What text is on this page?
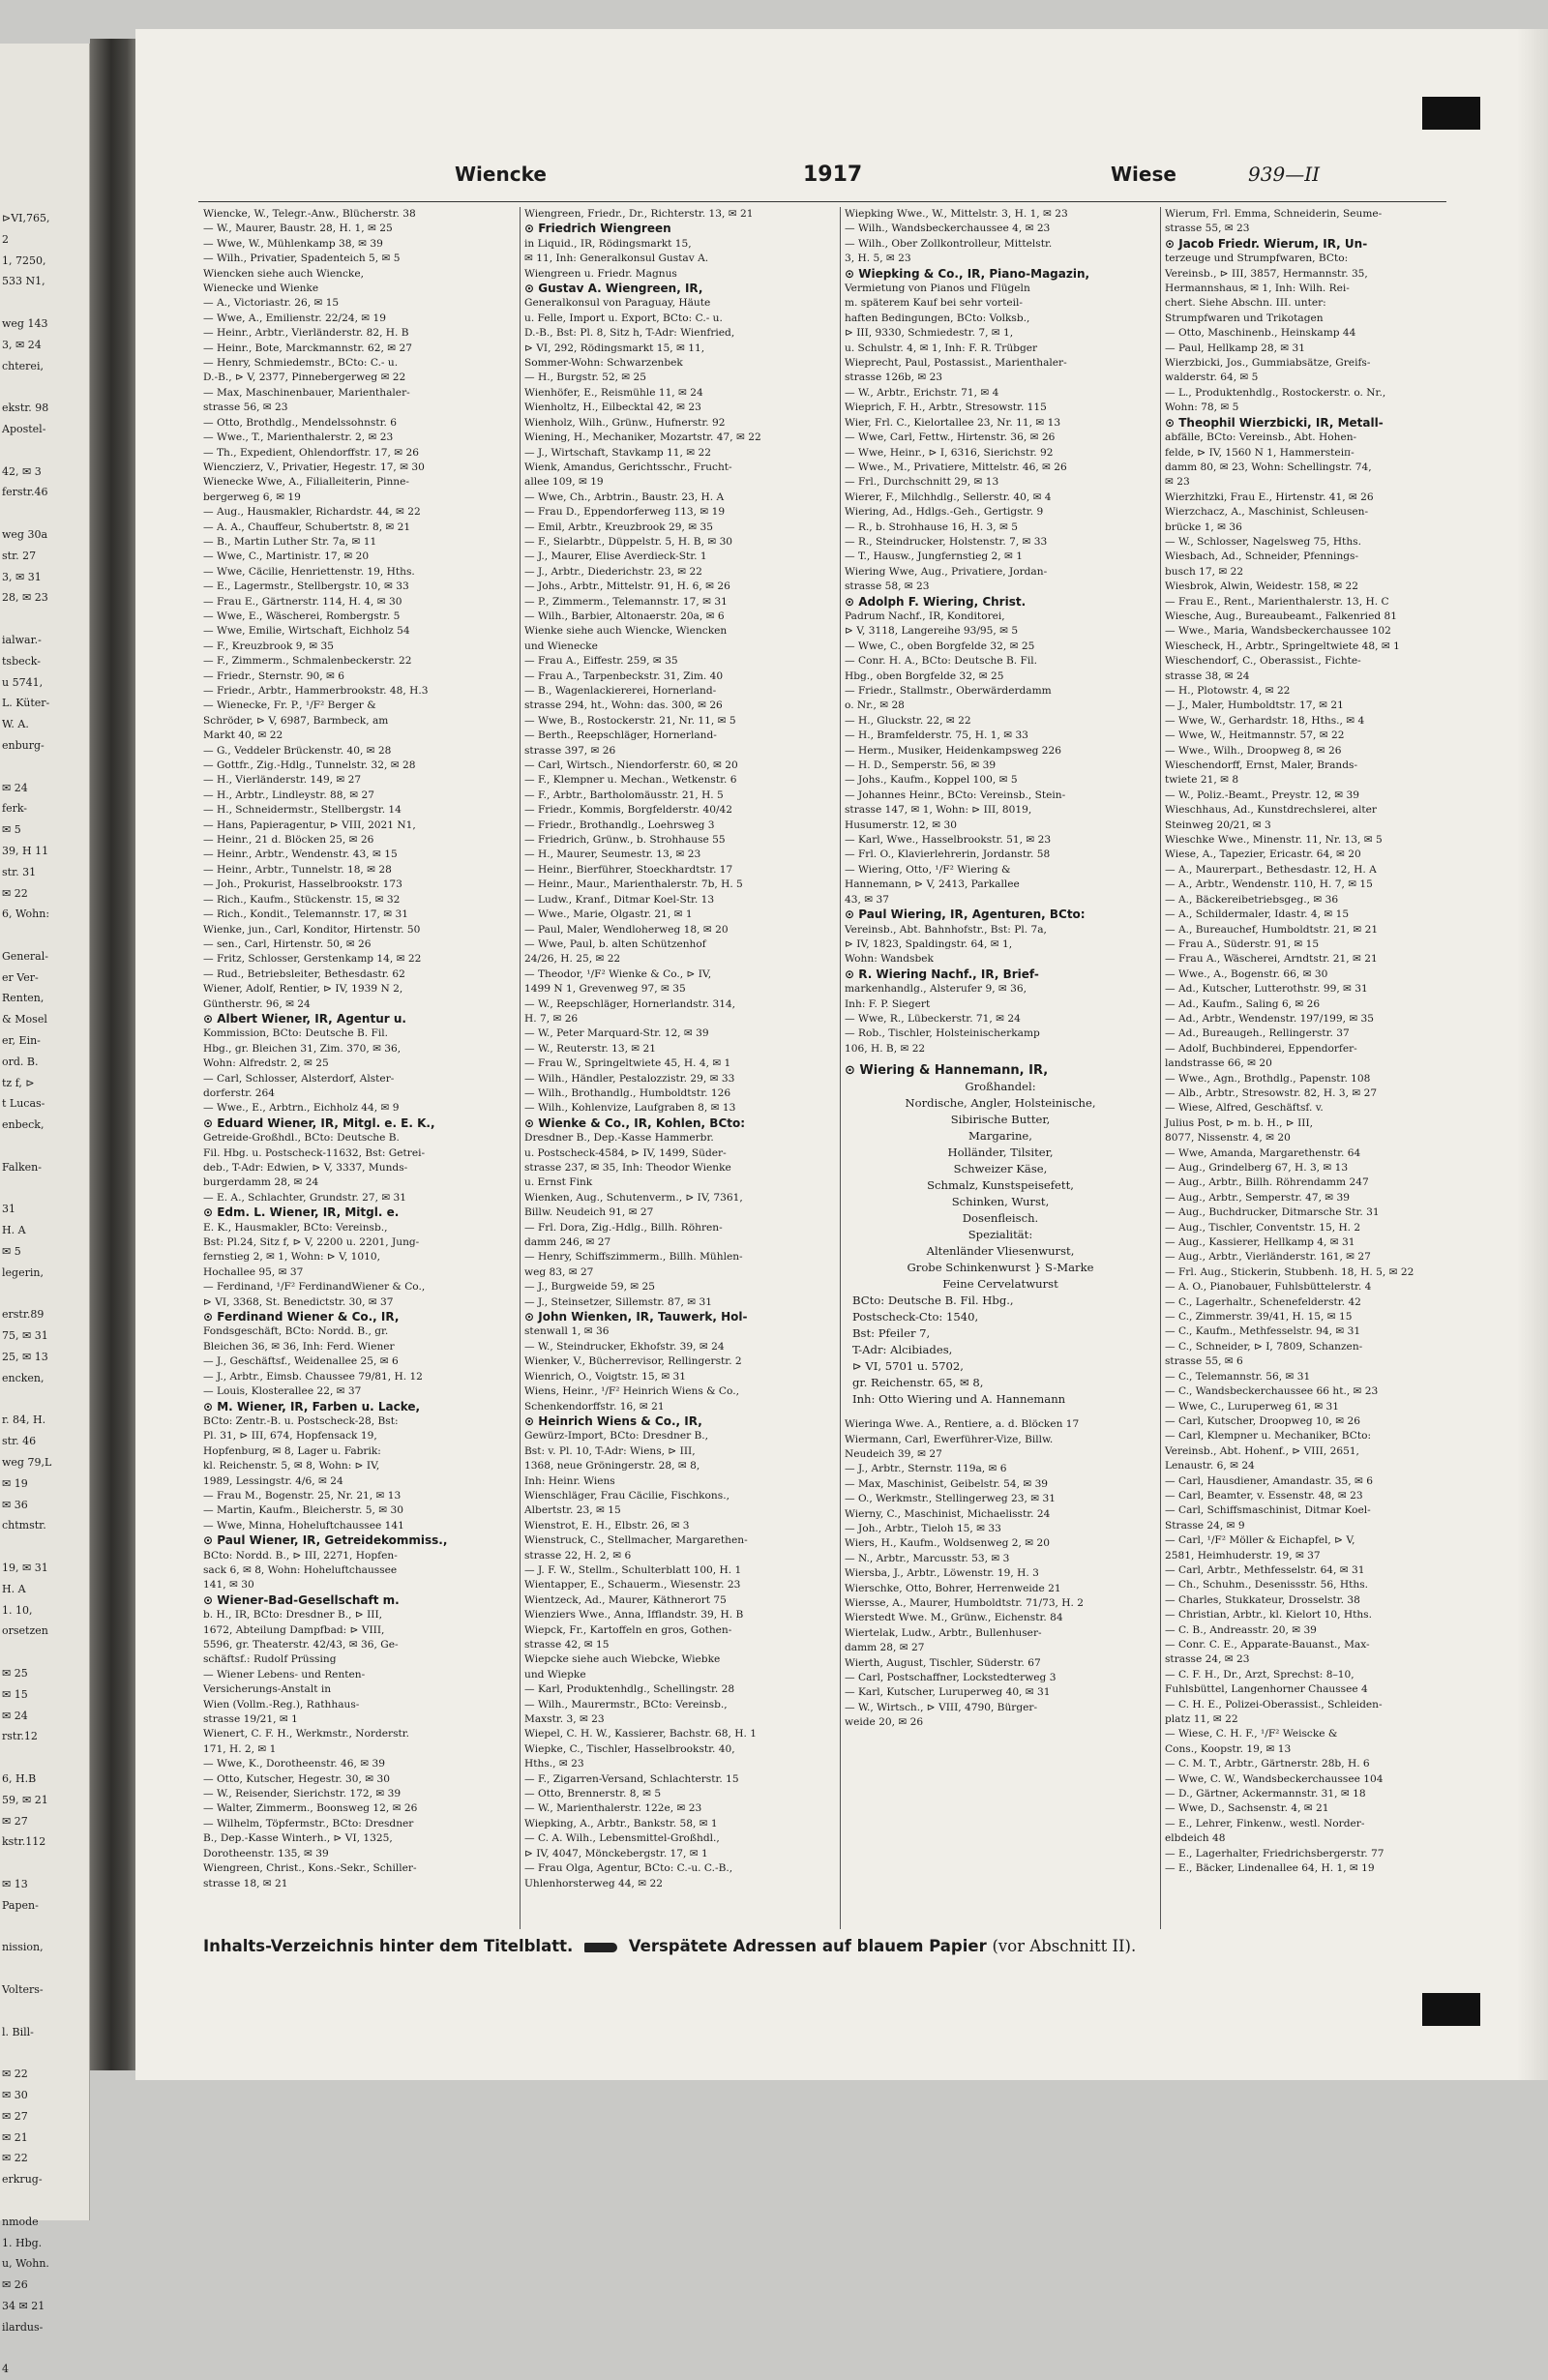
⊳VI,765,
2
1, 7250,
533 N1,

weg 143
3, ✉ 24
chterei,

ekstr. 98
Apostel-

42, ✉ 3
ferstr.46

weg 30a
str. 27
3, ✉ 31
28, ✉ 23

ialwar.-
tsbeck-
u 5741,
L. Küter-
W. A.
enburg-

✉ 24
ferk-
✉ 5
39, H 11
str. 31
✉ 22
6, Wohn:

General-
er Ver-
Renten,
& Mosel
er, Ein-
ord. B.
tz f, ⊳
t Lucas-
enbeck,

Falken-

31
H. A
✉ 5
legerin,

erstr.89
75, ✉ 31
25, ✉ 13
encken,

r. 84, H.
str. 46
weg 79,L
✉ 19
✉ 36
chtmstr.

19, ✉ 31
H. A
1. 10,
orsetzen

✉ 25
✉ 15
✉ 24
rstr.12

6, H.B
59, ✉ 21
✉ 27
kstr.112

✉ 13
Papen-

nission,

Volters-

l. Bill-

✉ 22
✉ 30
✉ 27
✉ 21
✉ 22
erkrug-

nmode
1. Hbg.
u, Wohn.
✉ 26
34 ✉ 21
ilardus-

4
Wiencke	1917	Wiese	939—II
Wiencke, W., Telegr.-Anw., Blücherstr. 38
— W., Maurer, Baustr. 28, H. 1, ✉ 25
— Wwe, W., Mühlenkamp 38, ✉ 39
— Wilh., Privatier, Spadenteich 5, ✉ 5
Wiencken siehe auch Wiencke,
Wienecke und Wienke
— A., Victoriastr. 26, ✉ 15
— Wwe, A., Emilienstr. 22/24, ✉ 19
— Heinr., Arbtr., Vierländerstr. 82, H. B
— Heinr., Bote, Marckmannstr. 62, ✉ 27
— Henry, Schmiedemstr., BCto: C.- u.
D.-B., ⊳ V, 2377, Pinnebergerweg ✉ 22
— Max, Maschinenbauer, Marienthaler-
strasse 56, ✉ 23
— Otto, Brothdlg., Mendelssohnstr. 6
— Wwe., T., Marienthalerstr. 2, ✉ 23
— Th., Expedient, Ohlendorffstr. 17, ✉ 26
Wienczierz, V., Privatier, Hegestr. 17, ✉ 30
Wienecke Wwe, A., Filialleiterin, Pinne-
bergerweg 6, ✉ 19
— Aug., Hausmakler, Richardstr. 44, ✉ 22
— A. A., Chauffeur, Schubertstr. 8, ✉ 21
— B., Martin Luther Str. 7a, ✉ 11
— Wwe, C., Martinistr. 17, ✉ 20
— Wwe, Cäcilie, Henriettenstr. 19, Hths.
— E., Lagermstr., Stellbergstr. 10, ✉ 33
— Frau E., Gärtnerstr. 114, H. 4, ✉ 30
— Wwe, E., Wäscherei, Rombergstr. 5
— Wwe, Emilie, Wirtschaft, Eichholz 54
— F., Kreuzbrook 9, ✉ 35
— F., Zimmerm., Schmalenbeckerstr. 22
— Friedr., Sternstr. 90, ✉ 6
— Friedr., Arbtr., Hammerbrookstr. 48, H.3
— Wienecke, Fr. P., ¹/F² Berger &
Schröder, ⊳ V, 6987, Barmbeck, am
Markt 40, ✉ 22
— G., Veddeler Brückenstr. 40, ✉ 28
— Gottfr., Zig.-Hdlg., Tunnelstr. 32, ✉ 28
— H., Vierländerstr. 149, ✉ 27
— H., Arbtr., Lindleystr. 88, ✉ 27
— H., Schneidermstr., Stellbergstr. 14
— Hans, Papieragentur, ⊳ VIII, 2021 N1,
— Heinr., 21 d. Blöcken 25, ✉ 26
— Heinr., Arbtr., Wendenstr. 43, ✉ 15
— Heinr., Arbtr., Tunnelstr. 18, ✉ 28
— Joh., Prokurist, Hasselbrookstr. 173
— Rich., Kaufm., Stückenstr. 15, ✉ 32
— Rich., Kondit., Telemannstr. 17, ✉ 31
Wienke, jun., Carl, Konditor, Hirtenstr. 50
— sen., Carl, Hirtenstr. 50, ✉ 26
— Fritz, Schlosser, Gerstenkamp 14, ✉ 22
— Rud., Betriebsleiter, Bethesdastr. 62
Wiener, Adolf, Rentier, ⊳ IV, 1939 N 2,
Güntherstr. 96, ✉ 24
⊙ Albert Wiener, IR, Agentur u.
Kommission, BCto: Deutsche B. Fil.
Hbg., gr. Bleichen 31, Zim. 370, ✉ 36,
Wohn: Alfredstr. 2, ✉ 25
— Carl, Schlosser, Alsterdorf, Alster-
dorferstr. 264
— Wwe., E., Arbtrn., Eichholz 44, ✉ 9
⊙ Eduard Wiener, IR, Mitgl. e. E. K.,
Getreide-Großhdl., BCto: Deutsche B.
Fil. Hbg. u. Postscheck-11632, Bst: Getrei-
deb., T-Adr: Edwien, ⊳ V, 3337, Munds-
burgerdamm 28, ✉ 24
— E. A., Schlachter, Grundstr. 27, ✉ 31
⊙ Edm. L. Wiener, IR, Mitgl. e.
E. K., Hausmakler, BCto: Vereinsb.,
Bst: Pl.24, Sitz f, ⊳ V, 2200 u. 2201, Jung-
fernstieg 2, ✉ 1, Wohn: ⊳ V, 1010,
Hochallee 95, ✉ 37
— Ferdinand, ¹/F² FerdinandWiener & Co.,
⊳ VI, 3368, St. Benedictstr. 30, ✉ 37
⊙ Ferdinand Wiener & Co., IR,
Fondsgeschäft, BCto: Nordd. B., gr.
Bleichen 36, ✉ 36, Inh: Ferd. Wiener
— J., Geschäftsf., Weidenallee 25, ✉ 6
— J., Arbtr., Eimsb. Chaussee 79/81, H. 12
— Louis, Klosterallee 22, ✉ 37
⊙ M. Wiener, IR, Farben u. Lacke,
BCto: Zentr.-B. u. Postscheck-28, Bst:
Pl. 31, ⊳ III, 674, Hopfensack 19,
Hopfenburg, ✉ 8, Lager u. Fabrik:
kl. Reichenstr. 5, ✉ 8, Wohn: ⊳ IV,
1989, Lessingstr. 4/6, ✉ 24
— Frau M., Bogenstr. 25, Nr. 21, ✉ 13
— Martin, Kaufm., Bleicherstr. 5, ✉ 30
— Wwe, Minna, Hoheluftchaussee 141
⊙ Paul Wiener, IR, Getreidekommiss.,
BCto: Nordd. B., ⊳ III, 2271, Hopfen-
sack 6, ✉ 8, Wohn: Hoheluftchaussee
141, ✉ 30
⊙ Wiener-Bad-Gesellschaft m.
b. H., IR, BCto: Dresdner B., ⊳ III,
1672, Abteilung Dampfbad: ⊳ VIII,
5596, gr. Theaterstr. 42/43, ✉ 36, Ge-
schäftsf.: Rudolf Prüssing
— Wiener Lebens- und Renten-
Versicherungs-Anstalt in
Wien (Vollm.-Reg.), Rathhaus-
strasse 19/21, ✉ 1
Wienert, C. F. H., Werkmstr., Norderstr.
171, H. 2, ✉ 1
— Wwe, K., Dorotheenstr. 46, ✉ 39
— Otto, Kutscher, Hegestr. 30, ✉ 30
— W., Reisender, Sierichstr. 172, ✉ 39
— Walter, Zimmerm., Boonsweg 12, ✉ 26
— Wilhelm, Töpfermstr., BCto: Dresdner
B., Dep.-Kasse Winterh., ⊳ VI, 1325,
Dorotheenstr. 135, ✉ 39
Wiengreen, Christ., Kons.-Sekr., Schiller-
strasse 18, ✉ 21
Wiengreen, Friedr., Dr., Richterstr. 13, ✉ 21
⊙ Friedrich Wiengreen
in Liquid., IR, Rödingsmarkt 15,
✉ 11, Inh: Generalkonsul Gustav A.
Wiengreen u. Friedr. Magnus
⊙ Gustav A. Wiengreen, IR,
Generalkonsul von Paraguay, Häute
u. Felle, Import u. Export, BCto: C.- u.
D.-B., Bst: Pl. 8, Sitz h, T-Adr: Wienfried,
⊳ VI, 292, Rödingsmarkt 15, ✉ 11,
Sommer-Wohn: Schwarzenbek
— H., Burgstr. 52, ✉ 25
Wienhöfer, E., Reismühle 11, ✉ 24
Wienholtz, H., Eilbecktal 42, ✉ 23
Wienholz, Wilh., Grünw., Hufnerstr. 92
Wiening, H., Mechaniker, Mozartstr. 47, ✉ 22
— J., Wirtschaft, Stavkamp 11, ✉ 22
Wienk, Amandus, Gerichtsschr., Frucht-
allee 109, ✉ 19
— Wwe, Ch., Arbtrin., Baustr. 23, H. A
— Frau D., Eppendorferweg 113, ✉ 19
— Emil, Arbtr., Kreuzbrook 29, ✉ 35
— F., Sielarbtr., Düppelstr. 5, H. B, ✉ 30
— J., Maurer, Elise Averdieck-Str. 1
— J., Arbtr., Diederichstr. 23, ✉ 22
— Johs., Arbtr., Mittelstr. 91, H. 6, ✉ 26
— P., Zimmerm., Telemannstr. 17, ✉ 31
— Wilh., Barbier, Altonaerstr. 20a, ✉ 6
Wienke siehe auch Wiencke, Wiencken
und Wienecke
— Frau A., Eiffestr. 259, ✉ 35
— Frau A., Tarpenbeckstr. 31, Zim. 40
— B., Wagenlackiererei, Hornerland-
strasse 294, ht., Wohn: das. 300, ✉ 26
— Wwe, B., Rostockerstr. 21, Nr. 11, ✉ 5
— Berth., Reepschläger, Hornerland-
strasse 397, ✉ 26
— Carl, Wirtsch., Niendorferstr. 60, ✉ 20
— F., Klempner u. Mechan., Wetkenstr. 6
— F., Arbtr., Bartholomäusstr. 21, H. 5
— Friedr., Kommis, Borgfelderstr. 40/42
— Friedr., Brothandlg., Loehrsweg 3
— Friedrich, Grünw., b. Strohhause 55
— H., Maurer, Seumestr. 13, ✉ 23
— Heinr., Bierführer, Stoeckhardtstr. 17
— Heinr., Maur., Marienthalerstr. 7b, H. 5
— Ludw., Kranf., Ditmar Koel-Str. 13
— Wwe., Marie, Olgastr. 21, ✉ 1
— Paul, Maler, Wendloherweg 18, ✉ 20
— Wwe, Paul, b. alten Schützenhof
24/26, H. 25, ✉ 22
— Theodor, ¹/F² Wienke & Co., ⊳ IV,
1499 N 1, Grevenweg 97, ✉ 35
— W., Reepschläger, Hornerlandstr. 314,
H. 7, ✉ 26
— W., Peter Marquard-Str. 12, ✉ 39
— W., Reuterstr. 13, ✉ 21
— Frau W., Springeltwiete 45, H. 4, ✉ 1
— Wilh., Händler, Pestalozzistr. 29, ✉ 33
— Wilh., Brothandlg., Humboldtstr. 126
— Wilh., Kohlenvize, Laufgraben 8, ✉ 13
⊙ Wienke & Co., IR, Kohlen, BCto:
Dresdner B., Dep.-Kasse Hammerbr.
u. Postscheck-4584, ⊳ IV, 1499, Süder-
strasse 237, ✉ 35, Inh: Theodor Wienke
u. Ernst Fink
Wienken, Aug., Schutenverm., ⊳ IV, 7361,
Billw. Neudeich 91, ✉ 27
— Frl. Dora, Zig.-Hdlg., Billh. Röhren-
damm 246, ✉ 27
— Henry, Schiffszimmerm., Billh. Mühlen-
weg 83, ✉ 27
— J., Burgweide 59, ✉ 25
— J., Steinsetzer, Sillemstr. 87, ✉ 31
⊙ John Wienken, IR, Tauwerk, Hol-
stenwall 1, ✉ 36
— W., Steindrucker, Ekhofstr. 39, ✉ 24
Wienker, V., Bücherrevisor, Rellingerstr. 2
Wienrich, O., Voigtstr. 15, ✉ 31
Wiens, Heinr., ¹/F² Heinrich Wiens & Co.,
Schenkendorffstr. 16, ✉ 21
⊙ Heinrich Wiens & Co., IR,
Gewürz-Import, BCto: Dresdner B.,
Bst: v. Pl. 10, T-Adr: Wiens, ⊳ III,
1368, neue Gröningerstr. 28, ✉ 8,
Inh: Heinr. Wiens
Wienschläger, Frau Cäcilie, Fischkons.,
Albertstr. 23, ✉ 15
Wienstrot, E. H., Elbstr. 26, ✉ 3
Wienstruck, C., Stellmacher, Margarethen-
strasse 22, H. 2, ✉ 6
— J. F. W., Stellm., Schulterblatt 100, H. 1
Wientapper, E., Schauerm., Wiesenstr. 23
Wientzeck, Ad., Maurer, Käthnerort 75
Wienziers Wwe., Anna, Ifflandstr. 39, H. B
Wiepck, Fr., Kartoffeln en gros, Gothen-
strasse 42, ✉ 15
Wiepcke siehe auch Wiebcke, Wiebke
und Wiepke
— Karl, Produktenhdlg., Schellingstr. 28
— Wilh., Maurermstr., BCto: Vereinsb.,
Maxstr. 3, ✉ 23
Wiepel, C. H. W., Kassierer, Bachstr. 68, H. 1
Wiepke, C., Tischler, Hasselbrookstr. 40,
Hths., ✉ 23
— F., Zigarren-Versand, Schlachterstr. 15
— Otto, Brennerstr. 8, ✉ 5
— W., Marienthalerstr. 122e, ✉ 23
Wiepking, A., Arbtr., Bankstr. 58, ✉ 1
— C. A. Wilh., Lebensmittel-Großhdl.,
⊳ IV, 4047, Mönckebergstr. 17, ✉ 1
— Frau Olga, Agentur, BCto: C.-u. C.-B.,
Uhlenhorsterweg 44, ✉ 22
Wiepking Wwe., W., Mittelstr. 3, H. 1, ✉ 23
— Wilh., Wandsbeckerchaussee 4, ✉ 23
— Wilh., Ober Zollkontrolleur, Mittelstr.
3, H. 5, ✉ 23
⊙ Wiepking & Co., IR, Piano-Magazin,
Vermietung von Pianos und Flügeln
m. späterem Kauf bei sehr vorteil-
haften Bedingungen, BCto: Volksb.,
⊳ III, 9330, Schmiedestr. 7, ✉ 1,
u. Schulstr. 4, ✉ 1, Inh: F. R. Trübger
Wieprecht, Paul, Postassist., Marienthaler-
strasse 126b, ✉ 23
— W., Arbtr., Erichstr. 71, ✉ 4
Wieprich, F. H., Arbtr., Stresowstr. 115
Wier, Frl. C., Kielortallee 23, Nr. 11, ✉ 13
— Wwe, Carl, Fettw., Hirtenstr. 36, ✉ 26
— Wwe, Heinr., ⊳ I, 6316, Sierichstr. 92
— Wwe., M., Privatiere, Mittelstr. 46, ✉ 26
— Frl., Durchschnitt 29, ✉ 13
Wierer, F., Milchhdlg., Sellerstr. 40, ✉ 4
Wiering, Ad., Hdlgs.-Geh., Gertigstr. 9
— R., b. Strohhause 16, H. 3, ✉ 5
— R., Steindrucker, Holstenstr. 7, ✉ 33
— T., Hausw., Jungfernstieg 2, ✉ 1
Wiering Wwe, Aug., Privatiere, Jordan-
strasse 58, ✉ 23
⊙ Adolph F. Wiering, Christ.
Padrum Nachf., IR, Konditorei,
⊳ V, 3118, Langereihe 93/95, ✉ 5
— Wwe, C., oben Borgfelde 32, ✉ 25
— Conr. H. A., BCto: Deutsche B. Fil.
Hbg., oben Borgfelde 32, ✉ 25
— Friedr., Stallmstr., Oberwärderdamm
o. Nr., ✉ 28
— H., Gluckstr. 22, ✉ 22
— H., Bramfelderstr. 75, H. 1, ✉ 33
— Herm., Musiker, Heidenkampsweg 226
— H. D., Semperstr. 56, ✉ 39
— Johs., Kaufm., Koppel 100, ✉ 5
— Johannes Heinr., BCto: Vereinsb., Stein-
strasse 147, ✉ 1, Wohn: ⊳ III, 8019,
Husumerstr. 12, ✉ 30
— Karl, Wwe., Hasselbrookstr. 51, ✉ 23
— Frl. O., Klavierlehrerin, Jordanstr. 58
— Wiering, Otto, ¹/F² Wiering &
Hannemann, ⊳ V, 2413, Parkallee
43, ✉ 37
⊙ Paul Wiering, IR, Agenturen, BCto:
Vereinsb., Abt. Bahnhofstr., Bst: Pl. 7a,
⊳ IV, 1823, Spaldingstr. 64, ✉ 1,
Wohn: Wandsbek
⊙ R. Wiering Nachf., IR, Brief-
markenhandlg., Alsterufer 9, ✉ 36,
Inh: F. P. Siegert
— Wwe, R., Lübeckerstr. 71, ✉ 24
— Rob., Tischler, Holsteinischerkamp
106, H. B, ✉ 22
⊙ Wiering & Hannemann, IR,
Großhandel:
Nordische, Angler, Holsteinische,
Sibirische Butter,
Margarine,
Holländer, Tilsiter,
Schweizer Käse,
Schmalz, Kunstspeisefett,
Schinken, Wurst,
Dosenfleisch.
Spezialität:
Altenländer Vliesenwurst,
Grobe Schinkenwurst } S-Marke
Feine Cervelatwurst
BCto: Deutsche B. Fil. Hbg.,
Postscheck-Cto: 1540,
Bst: Pfeiler 7,
T-Adr: Alcibiades,
⊳ VI, 5701 u. 5702,
gr. Reichenstr. 65, ✉ 8,
Inh: Otto Wiering und A. Hannemann
Wieringa Wwe. A., Rentiere, a. d. Blöcken 17
Wiermann, Carl, Ewerführer-Vize, Billw.
Neudeich 39, ✉ 27
— J., Arbtr., Sternstr. 119a, ✉ 6
— Max, Maschinist, Geibelstr. 54, ✉ 39
— O., Werkmstr., Stellingerweg 23, ✉ 31
Wierny, C., Maschinist, Michaelisstr. 24
— Joh., Arbtr., Tieloh 15, ✉ 33
Wiers, H., Kaufm., Woldsenweg 2, ✉ 20
— N., Arbtr., Marcusstr. 53, ✉ 3
Wiersba, J., Arbtr., Löwenstr. 19, H. 3
Wierschke, Otto, Bohrer, Herrenweide 21
Wiersse, A., Maurer, Humboldtstr. 71/73, H. 2
Wierstedt Wwe. M., Grünw., Eichenstr. 84
Wiertelak, Ludw., Arbtr., Bullenhuser-
damm 28, ✉ 27
Wierth, August, Tischler, Süderstr. 67
— Carl, Postschaffner, Lockstedterweg 3
— Karl, Kutscher, Luruperweg 40, ✉ 31
— W., Wirtsch., ⊳ VIII, 4790, Bürger-
weide 20, ✉ 26
Wierum, Frl. Emma, Schneiderin, Seume-
strasse 55, ✉ 23
⊙ Jacob Friedr. Wierum, IR, Un-
terzeuge und Strumpfwaren, BCto:
Vereinsb., ⊳ III, 3857, Hermannstr. 35,
Hermannshaus, ✉ 1, Inh: Wilh. Rei-
chert. Siehe Abschn. III. unter:
Strumpfwaren und Trikotagen
— Otto, Maschinenb., Heinskamp 44
— Paul, Hellkamp 28, ✉ 31
Wierzbicki, Jos., Gummiabsätze, Greifs-
walderstr. 64, ✉ 5
— L., Produktenhdlg., Rostockerstr. o. Nr.,
Wohn: 78, ✉ 5
⊙ Theophil Wierzbicki, IR, Metall-
abfälle, BCto: Vereinsb., Abt. Hohen-
felde, ⊳ IV, 1560 N 1, Hammersteiп-
damm 80, ✉ 23, Wohn: Schellingstr. 74,
✉ 23
Wierzhitzki, Frau E., Hirtenstr. 41, ✉ 26
Wierzchacz, A., Maschinist, Schleusen-
brücke 1, ✉ 36
— W., Schlosser, Nagelsweg 75, Hths.
Wiesbach, Ad., Schneider, Pfennings-
busch 17, ✉ 22
Wiesbrok, Alwin, Weidestr. 158, ✉ 22
— Frau E., Rent., Marienthalerstr. 13, H. C
Wiesche, Aug., Bureaubeamt., Falkenried 81
— Wwe., Maria, Wandsbeckerchaussee 102
Wiescheck, H., Arbtr., Springeltwiete 48, ✉ 1
Wieschendorf, C., Oberassist., Fichte-
strasse 38, ✉ 24
— H., Plotowstr. 4, ✉ 22
— J., Maler, Humboldtstr. 17, ✉ 21
— Wwe, W., Gerhardstr. 18, Hths., ✉ 4
— Wwe, W., Heitmannstr. 57, ✉ 22
— Wwe., Wilh., Droopweg 8, ✉ 26
Wieschendorff, Ernst, Maler, Brands-
twiete 21, ✉ 8
— W., Poliz.-Beamt., Preystr. 12, ✉ 39
Wieschhaus, Ad., Kunstdrechslerei, alter
Steinweg 20/21, ✉ 3
Wieschke Wwe., Minenstr. 11, Nr. 13, ✉ 5
Wiese, A., Tapezier, Ericastr. 64, ✉ 20
— A., Maurerpart., Bethesdastr. 12, H. A
— A., Arbtr., Wendenstr. 110, H. 7, ✉ 15
— A., Bäckereibetriebsgeg., ✉ 36
— A., Schildermaler, Idastr. 4, ✉ 15
— A., Bureauchef, Humboldtstr. 21, ✉ 21
— Frau A., Süderstr. 91, ✉ 15
— Frau A., Wäscherei, Arndtstr. 21, ✉ 21
— Wwe., A., Bogenstr. 66, ✉ 30
— Ad., Kutscher, Lutterothstr. 99, ✉ 31
— Ad., Kaufm., Saling 6, ✉ 26
— Ad., Arbtr., Wendenstr. 197/199, ✉ 35
— Ad., Bureaugeh., Rellingerstr. 37
— Adolf, Buchbinderei, Eppendorfer-
landstrasse 66, ✉ 20
— Wwe., Agn., Brothdlg., Papenstr. 108
— Alb., Arbtr., Stresowstr. 82, H. 3, ✉ 27
— Wiese, Alfred, Geschäftsf. v.
Julius Post, ⊳ m. b. H., ⊳ III,
8077, Nissenstr. 4, ✉ 20
— Wwe, Amanda, Margarethenstr. 64
— Aug., Grindelberg 67, H. 3, ✉ 13
— Aug., Arbtr., Billh. Röhrendamm 247
— Aug., Arbtr., Semperstr. 47, ✉ 39
— Aug., Buchdrucker, Ditmarsche Str. 31
— Aug., Tischler, Conventstr. 15, H. 2
— Aug., Kassierer, Hellkamp 4, ✉ 31
— Aug., Arbtr., Vierländerstr. 161, ✉ 27
— Frl. Aug., Stickerin, Stubbenh. 18, H. 5, ✉ 22
— A. O., Pianobauer, Fuhlsbüttelerstr. 4
— C., Lagerhaltr., Schenefelderstr. 42
— C., Zimmerstr. 39/41, H. 15, ✉ 15
— C., Kaufm., Methfesselstr. 94, ✉ 31
— C., Schneider, ⊳ I, 7809, Schanzen-
strasse 55, ✉ 6
— C., Telemannstr. 56, ✉ 31
— C., Wandsbeckerchaussee 66 ht., ✉ 23
— Wwe, C., Luruperweg 61, ✉ 31
— Carl, Kutscher, Droopweg 10, ✉ 26
— Carl, Klempner u. Mechaniker, BCto:
Vereinsb., Abt. Hohenf., ⊳ VIII, 2651,
Lenaustr. 6, ✉ 24
— Carl, Hausdiener, Amandastr. 35, ✉ 6
— Carl, Beamter, v. Essenstr. 48, ✉ 23
— Carl, Schiffsmaschinist, Ditmar Koel-
Strasse 24, ✉ 9
— Carl, ¹/F² Möller & Eichapfel, ⊳ V,
2581, Heimhuderstr. 19, ✉ 37
— Carl, Arbtr., Methfesselstr. 64, ✉ 31
— Ch., Schuhm., Desenissstr. 56, Hths.
— Charles, Stukkateur, Drosselstr. 38
— Christian, Arbtr., kl. Kielort 10, Hths.
— C. B., Andreasstr. 20, ✉ 39
— Conr. C. E., Apparate-Bauanst., Max-
strasse 24, ✉ 23
— C. F. H., Dr., Arzt, Sprechst: 8–10,
Fuhlsbüttel, Langenhorner Chaussee 4
— C. H. E., Polizei-Oberassist., Schleiden-
platz 11, ✉ 22
— Wiese, C. H. F., ¹/F² Weiscke &
Cons., Koopstr. 19, ✉ 13
— C. M. T., Arbtr., Gärtnerstr. 28b, H. 6
— Wwe, C. W., Wandsbeckerchaussee 104
— D., Gärtner, Ackermannstr. 31, ✉ 18
— Wwe, D., Sachsenstr. 4, ✉ 21
— E., Lehrer, Finkenw., westl. Norder-
elbdeich 48
— E., Lagerhalter, Friedrichsbergerstr. 77
— E., Bäcker, Lindenallee 64, H. 1, ✉ 19
Inhalts-Verzeichnis hinter dem Titelblatt.	Verspätete Adressen auf blauem Papier (vor Abschnitt II).
